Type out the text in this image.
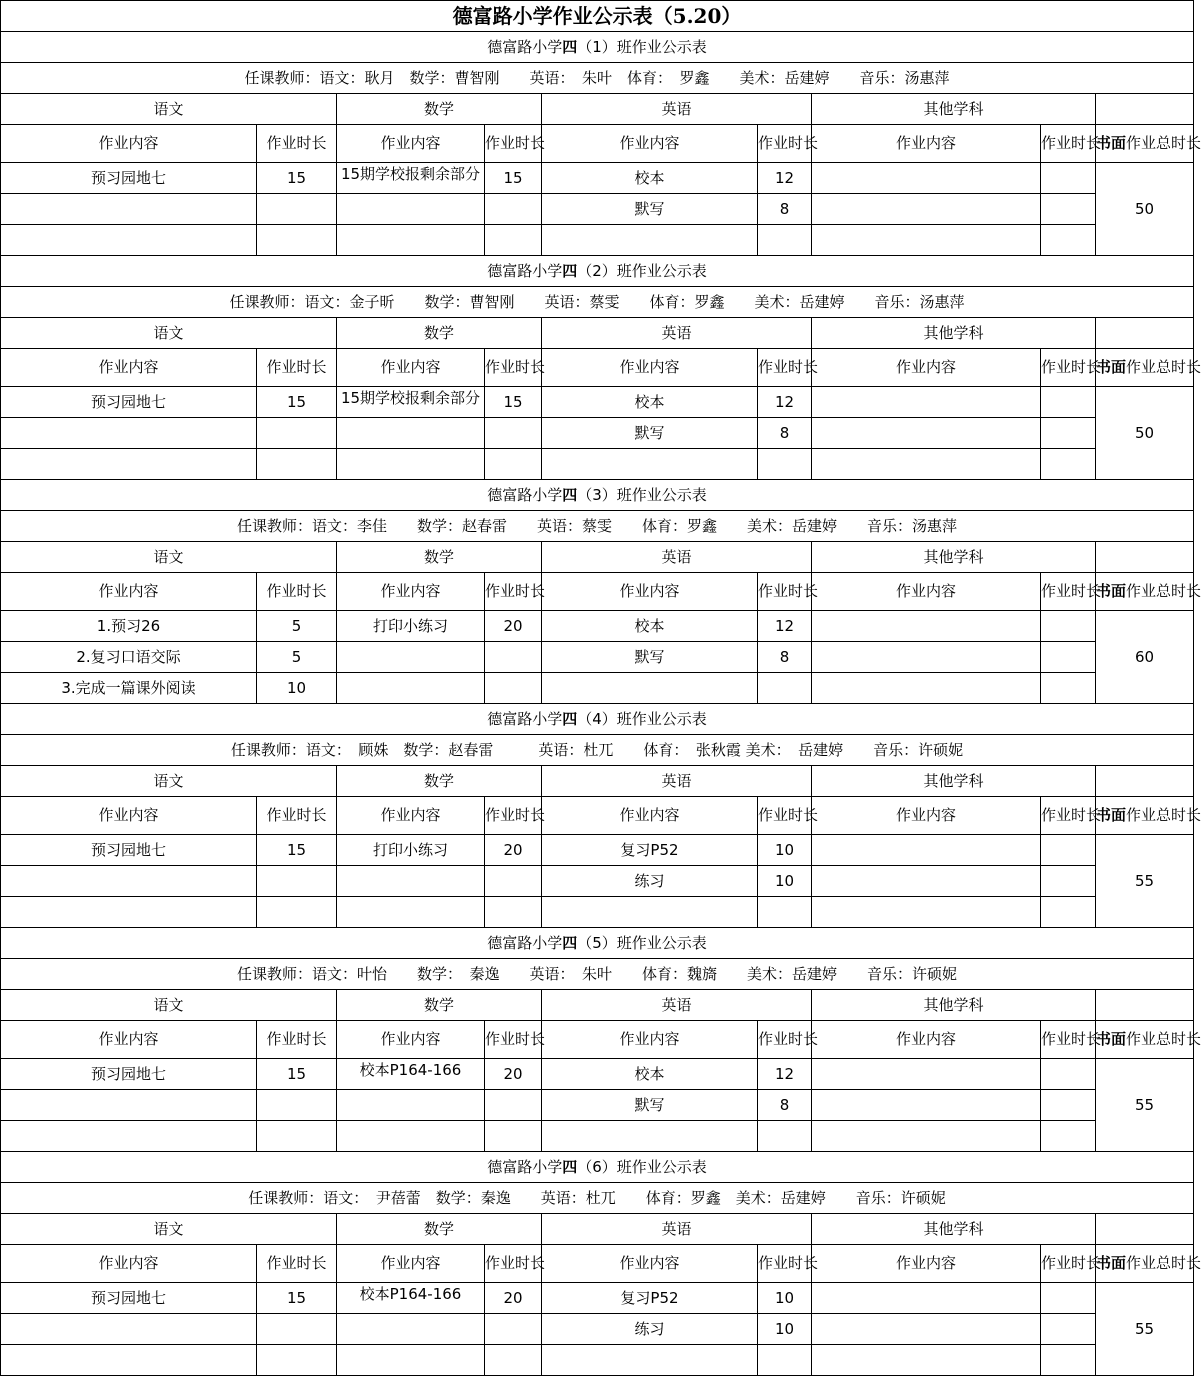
德富路小学作业公示表（5.20）								
德富路小学四（1）班作业公示表								
任课教师：语文：耿月　数学：曹智刚　　英语：　朱叶　体育：　罗鑫　　美术：岳建婷　　音乐：汤惠萍								
语文		数学		英语		其他学科		
作业内容	作业时长	作业内容	作业时长	作业内容	作业时长	作业内容	作业时长	书面作业总时长
预习园地七	15	15期学校报剩余部分	15	校本	12			50
				默写	8			

德富路小学四（2）班作业公示表								
任课教师：语文：金子昕　　数学：曹智刚　　英语：蔡雯　　体育：罗鑫　　美术：岳建婷　　音乐：汤惠萍								
语文		数学		英语		其他学科		
作业内容	作业时长	作业内容	作业时长	作业内容	作业时长	作业内容	作业时长	书面作业总时长
预习园地七	15	15期学校报剩余部分	15	校本	12			50
				默写	8			

德富路小学四（3）班作业公示表								
任课教师：语文：李佳　　数学：赵春雷　　英语：蔡雯　　体育：罗鑫　　美术：岳建婷　　音乐：汤惠萍								
语文		数学		英语		其他学科		
作业内容	作业时长	作业内容	作业时长	作业内容	作业时长	作业内容	作业时长	书面作业总时长
1.预习26	5	打印小练习	20	校本	12			60
2.复习口语交际	5			默写	8			
3.完成一篇课外阅读	10							
德富路小学四（4）班作业公示表								
任课教师：语文：　顾姝　数学：赵春雷　　　英语：杜兀　　体育：　张秋霞 美术：　岳建婷　　音乐：许硕妮								
语文		数学		英语		其他学科		
作业内容	作业时长	作业内容	作业时长	作业内容	作业时长	作业内容	作业时长	书面作业总时长
预习园地七	15	打印小练习	20	复习P52	10			55
				练习	10			

德富路小学四（5）班作业公示表								
任课教师：语文：叶怡　　数学：　秦逸　　英语：　朱叶　　体育：魏旖　　美术：岳建婷　　音乐：许硕妮								
语文		数学		英语		其他学科		
作业内容	作业时长	作业内容	作业时长	作业内容	作业时长	作业内容	作业时长	书面作业总时长
预习园地七	15	校本P164-166	20	校本	12			55
				默写	8			

德富路小学四（6）班作业公示表								
任课教师：语文：　尹蓓蕾　数学：秦逸　　英语：杜兀　　体育：罗鑫　美术：岳建婷　　音乐：许硕妮								
语文		数学		英语		其他学科		
作业内容	作业时长	作业内容	作业时长	作业内容	作业时长	作业内容	作业时长	书面作业总时长
预习园地七	15	校本P164-166	20	复习P52	10			55
				练习	10			
